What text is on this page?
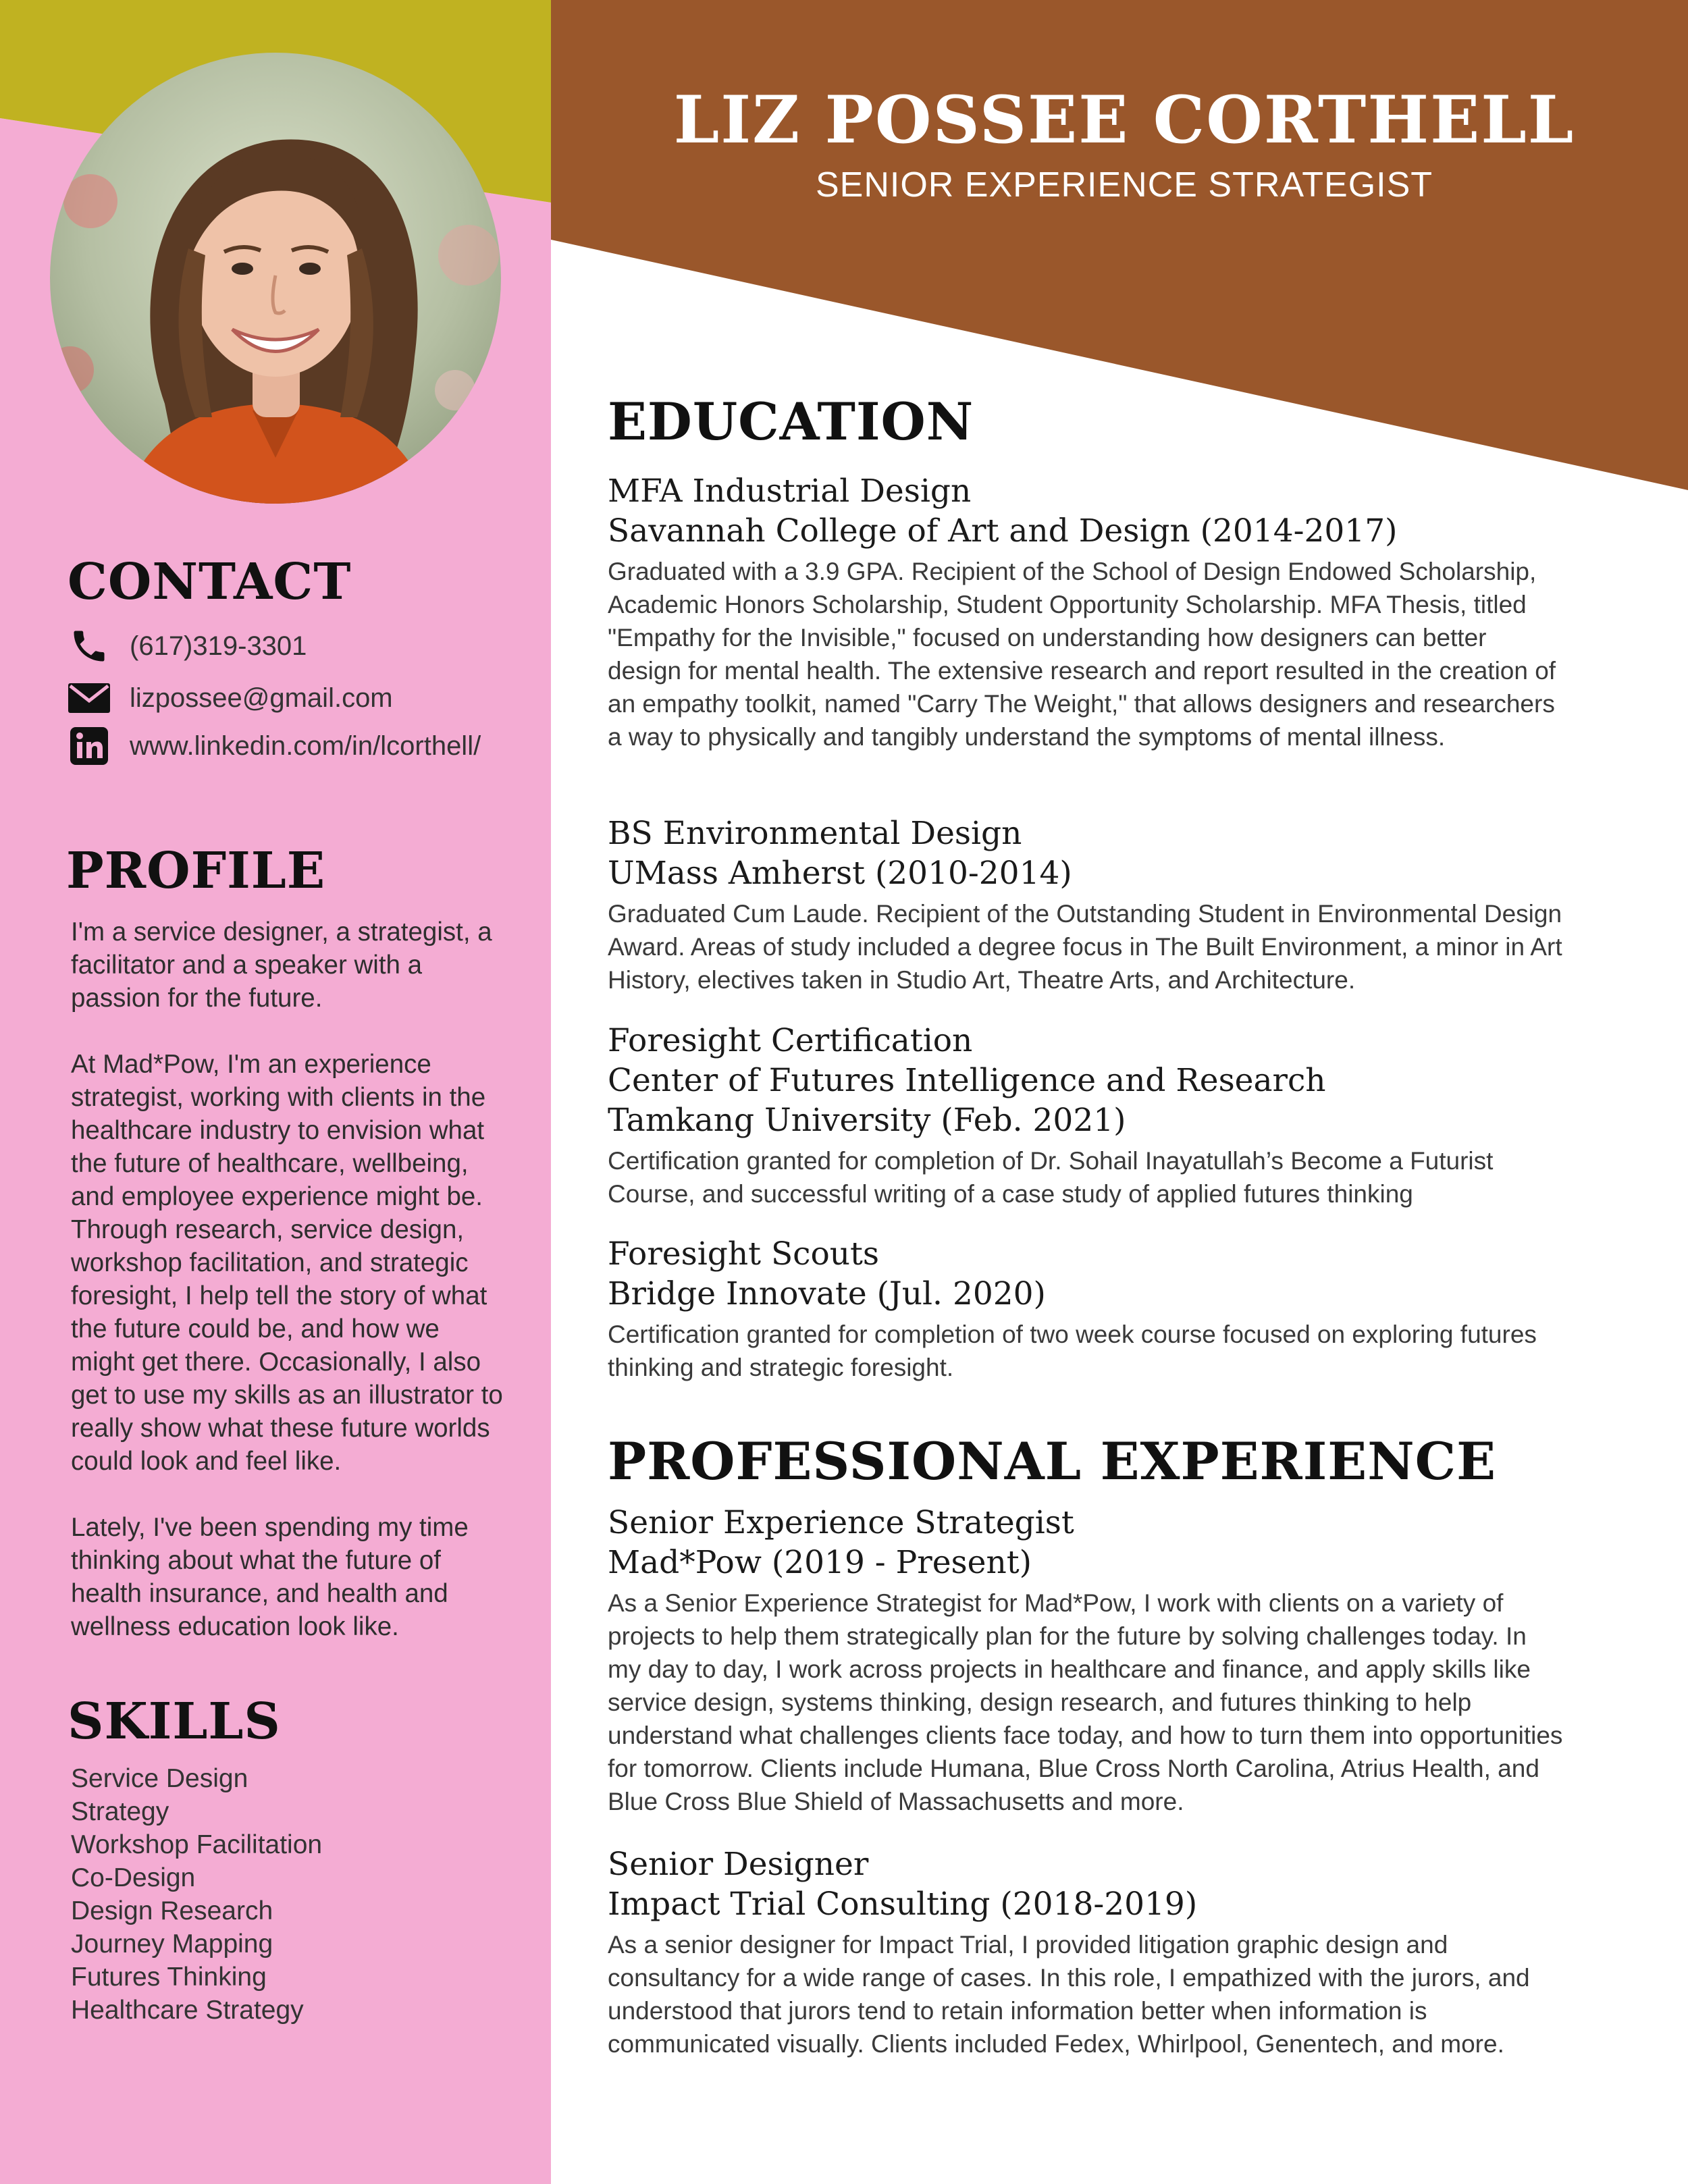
LIZ POSSEE CORTHELL
SENIOR EXPERIENCE STRATEGIST
CONTACT
(617)319-3301
lizpossee@gmail.com
www.linkedin.com/in/lcorthell/
PROFILE

I'm a service designer, a strategist, a facilitator and a speaker with a passion for the future.

At Mad*Pow, I'm an experience strategist, working with clients in the healthcare industry to envision what the future of healthcare, wellbeing, and employee experience might be. Through research, service design, workshop facilitation, and strategic foresight, I help tell the story of what the future could be, and how we might get there. Occasionally, I also get to use my skills as an illustrator to really show what these future worlds could look and feel like.

Lately, I've been spending my time thinking about what the future of health insurance, and health and wellness education look like.

SKILLS
Service Design
Strategy
Workshop Facilitation
Co-Design
Design Research
Journey Mapping
Futures Thinking
Healthcare Strategy
EDUCATION
MFA Industrial Design
Savannah College of Art and Design (2014-2017)

Graduated with a 3.9 GPA. Recipient of the School of Design Endowed Scholarship, Academic Honors Scholarship, Student Opportunity Scholarship. MFA Thesis, titled "Empathy for the Invisible," focused on understanding how designers can better design for mental health. The extensive research and report resulted in the creation of an empathy toolkit, named "Carry The Weight," that allows designers and researchers a way to physically and tangibly understand the symptoms of mental illness.

BS Environmental Design
UMass Amherst (2010-2014)

Graduated Cum Laude. Recipient of the Outstanding Student in Environmental Design Award. Areas of study included a degree focus in The Built Environment, a minor in Art History, electives taken in Studio Art, Theatre Arts, and Architecture.

Foresight Certification
Center of Futures Intelligence and Research
Tamkang University (Feb. 2021)

Certification granted for completion of Dr. Sohail Inayatullah’s Become a Futurist Course, and successful writing of a case study of applied futures thinking

Foresight Scouts
Bridge Innovate (Jul. 2020)

Certification granted for completion of two week course focused on exploring futures thinking and strategic foresight.

PROFESSIONAL EXPERIENCE
Senior Experience Strategist
Mad*Pow (2019 - Present)

As a Senior Experience Strategist for Mad*Pow, I work with clients on a variety of projects to help them strategically plan for the future by solving challenges today. In my day to day, I work across projects in healthcare and finance, and apply skills like service design, systems thinking, design research, and futures thinking to help understand what challenges clients face today, and how to turn them into opportunities for tomorrow. Clients include Humana, Blue Cross North Carolina, Atrius Health, and Blue Cross Blue Shield of Massachusetts and more.

Senior Designer
Impact Trial Consulting (2018-2019)

As a senior designer for Impact Trial, I provided litigation graphic design and consultancy for a wide range of cases. In this role, I empathized with the jurors, and understood that jurors tend to retain information better when information is communicated visually. Clients included Fedex, Whirlpool, Genentech, and more.
